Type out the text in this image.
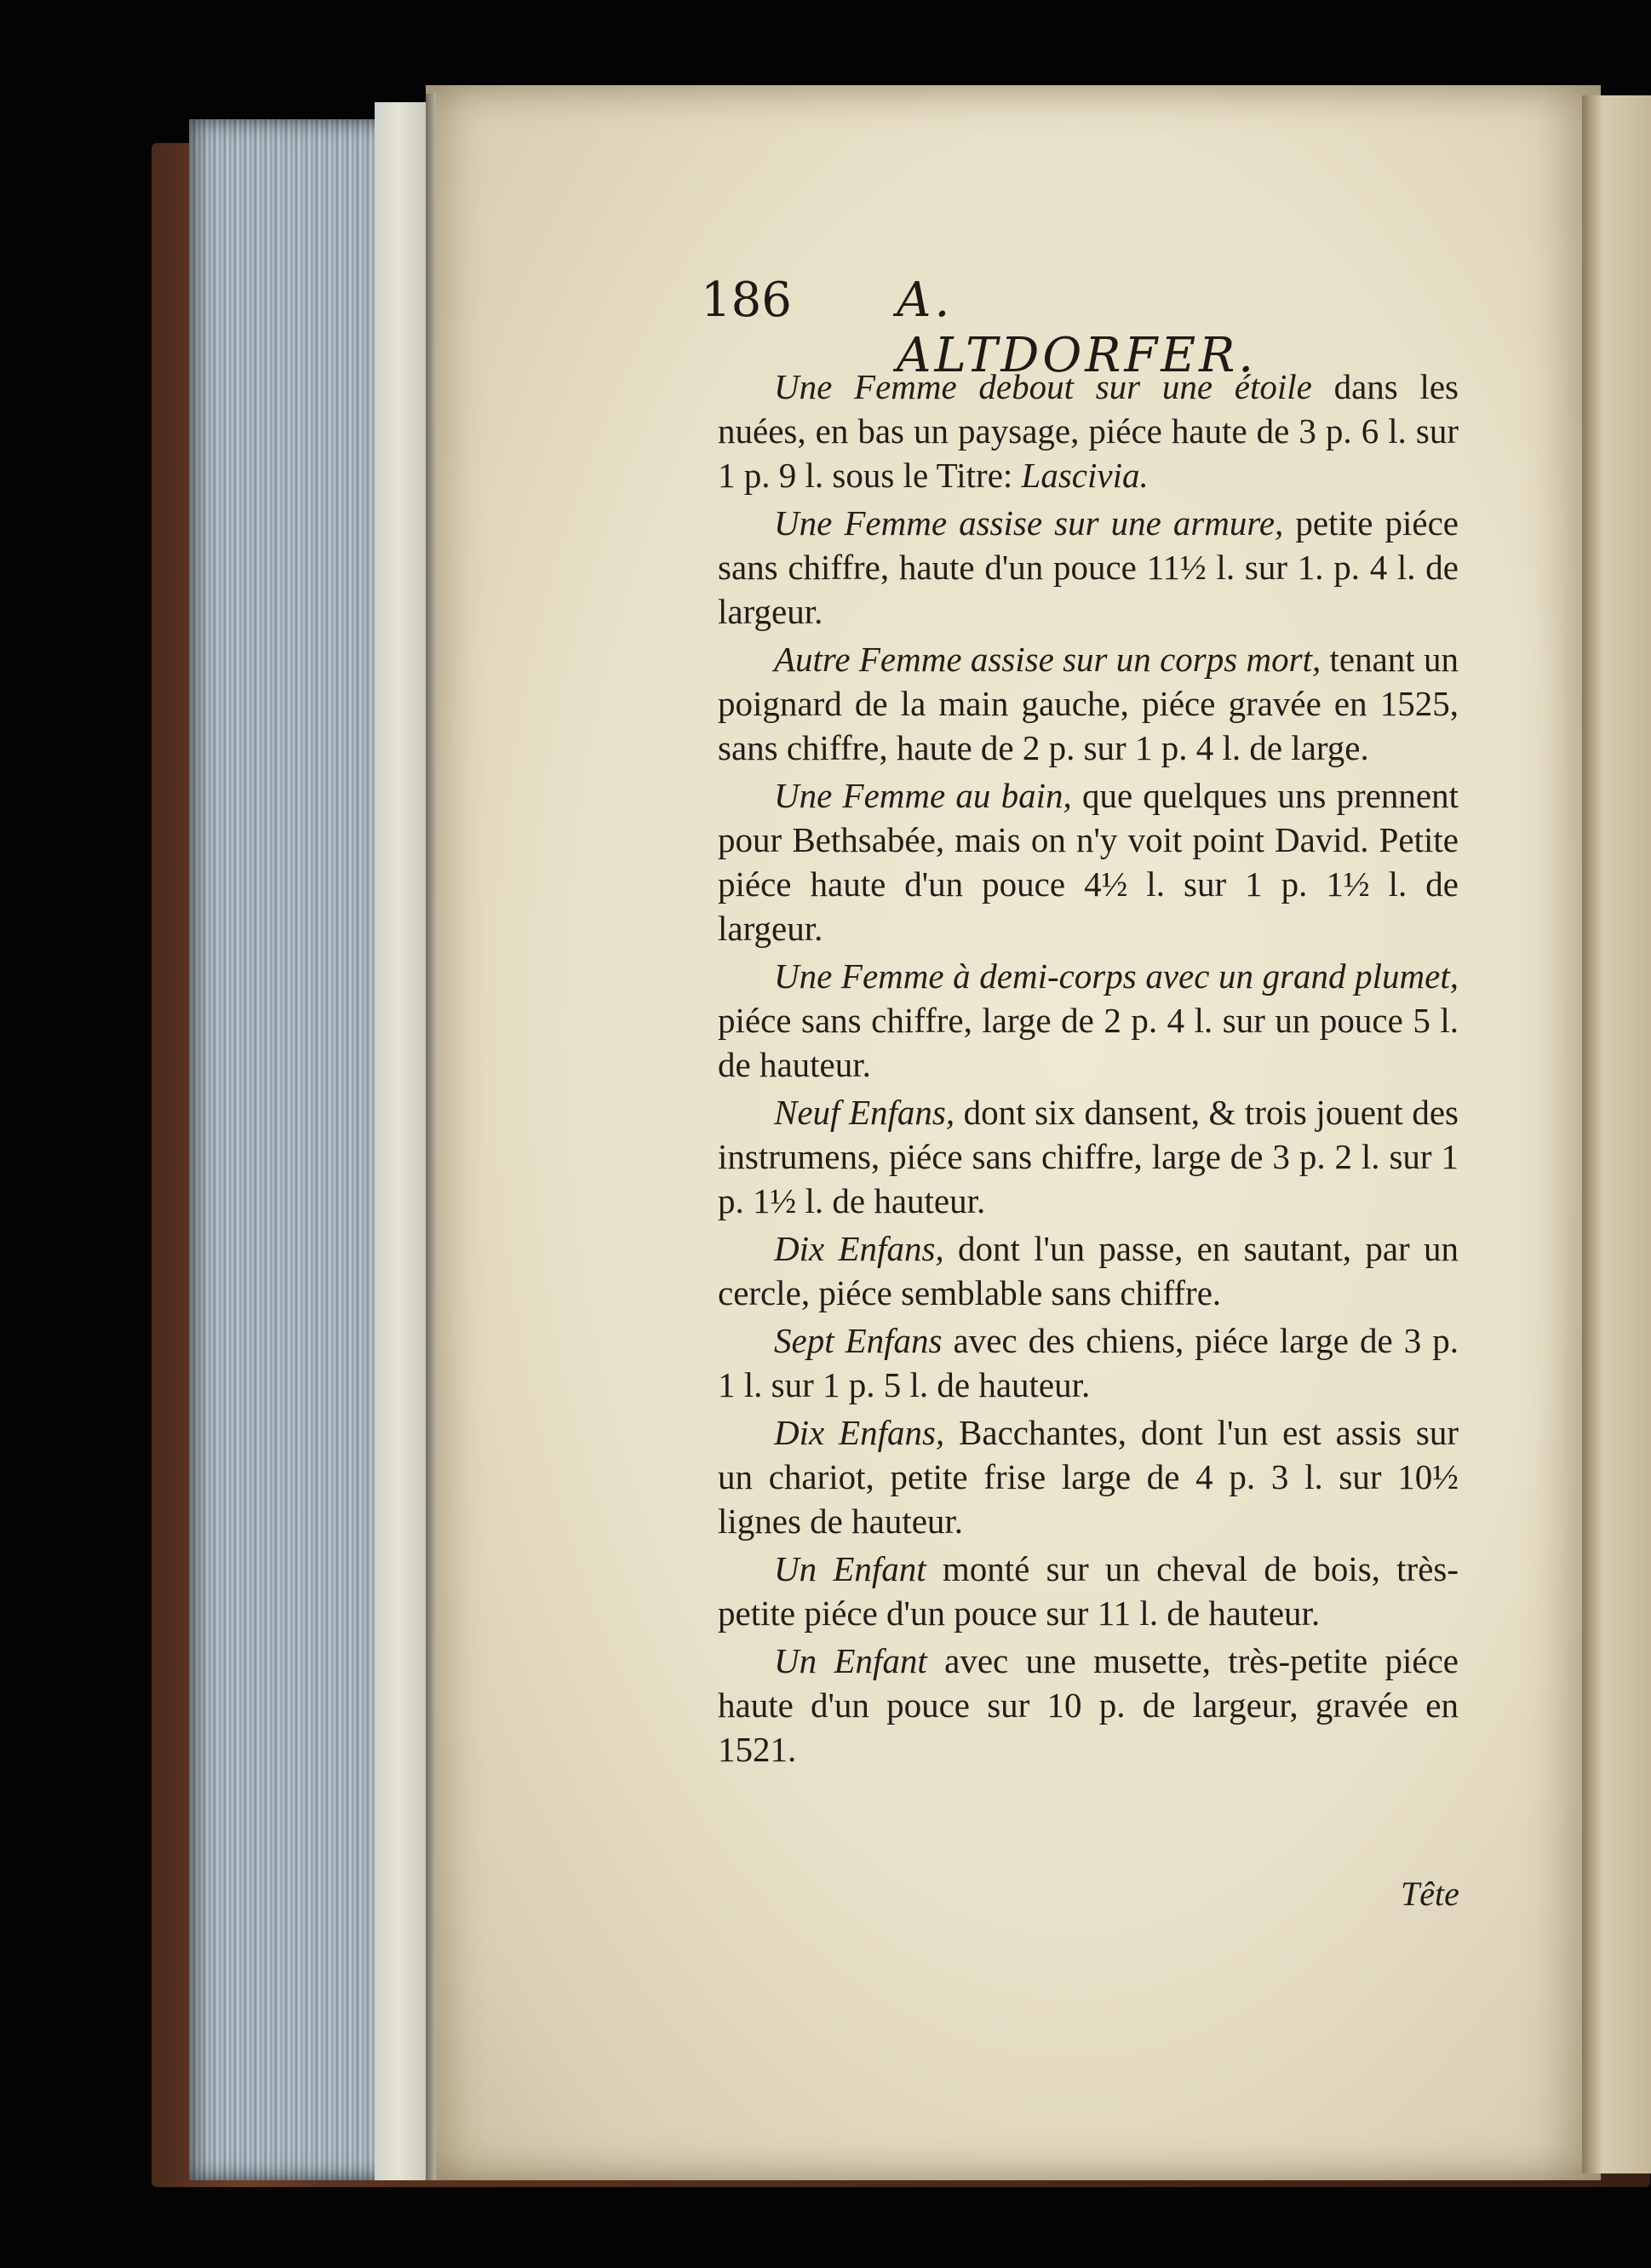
186 A. ALTDORFER.

Une Femme debout sur une étoile dans les nuées, en bas un paysage, piéce haute de 3 p. 6 l. sur 1 p. 9 l. sous le Titre: Lascivia.

Une Femme assise sur une armure, petite piéce sans chiffre, haute d'un pouce 11½ l. sur 1. p. 4 l. de largeur.

Autre Femme assise sur un corps mort, tenant un poignard de la main gauche, piéce gravée en 1525, sans chiffre, haute de 2 p. sur 1 p. 4 l. de large.

Une Femme au bain, que quelques uns prennent pour Bethsabée, mais on n'y voit point David. Petite piéce haute d'un pouce 4½ l. sur 1 p. 1½ l. de largeur.

Une Femme à demi-corps avec un grand plumet, piéce sans chiffre, large de 2 p. 4 l. sur un pouce 5 l. de hauteur.

Neuf Enfans, dont six dansent, & trois jouent des instrumens, piéce sans chiffre, large de 3 p. 2 l. sur 1 p. 1½ l. de hauteur.

Dix Enfans, dont l'un passe, en sautant, par un cercle, piéce semblable sans chiffre.

Sept Enfans avec des chiens, piéce large de 3 p. 1 l. sur 1 p. 5 l. de hauteur.

Dix Enfans, Bacchantes, dont l'un est assis sur un chariot, petite frise large de 4 p. 3 l. sur 10½ lignes de hauteur.

Un Enfant monté sur un cheval de bois, très-petite piéce d'un pouce sur 11 l. de hauteur.

Un Enfant avec une musette, très-petite piéce haute d'un pouce sur 10 p. de largeur, gravée en 1521.

Tête
